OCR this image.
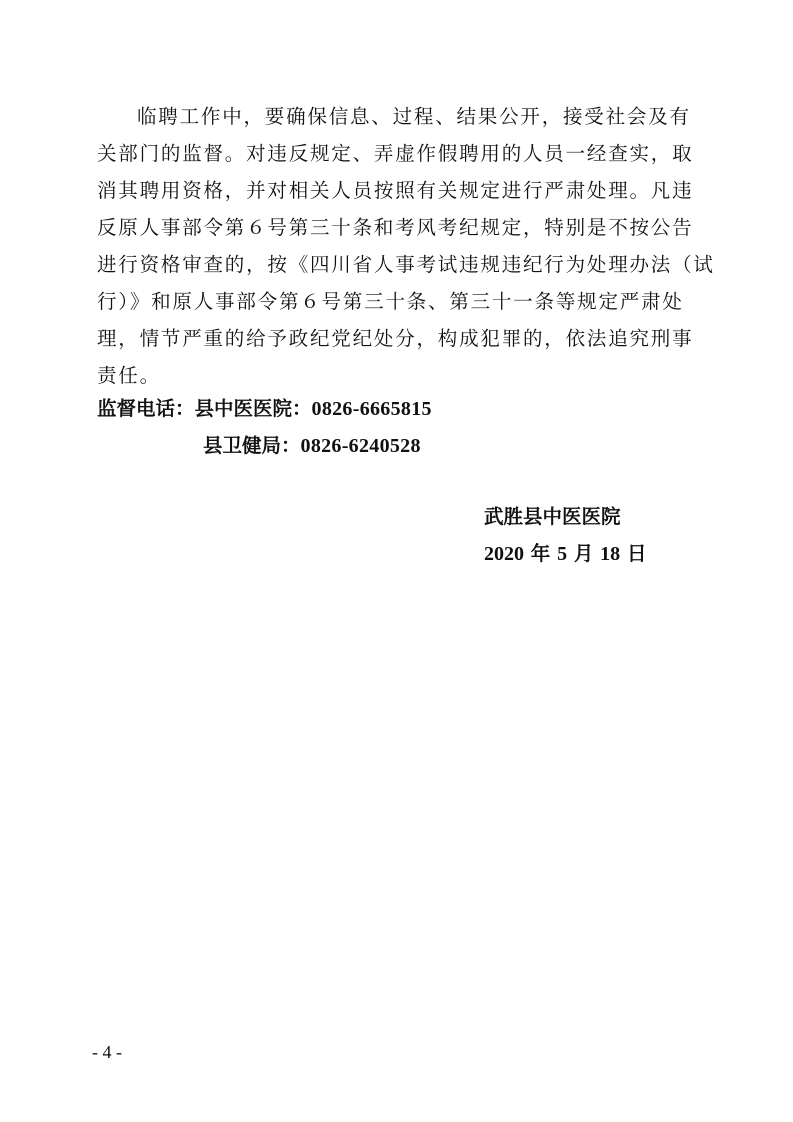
临聘工作中，要确保信息、过程、结果公开，接受社会及有
关部门的监督。对违反规定、弄虚作假聘用的人员一经查实，取
消其聘用资格，并对相关人员按照有关规定进行严肃处理。凡违
反原人事部令第６号第三十条和考风考纪规定，特别是不按公告
进行资格审查的，按《四川省人事考试违规违纪行为处理办法（试
行）》和原人事部令第６号第三十条、第三十一条等规定严肃处
理，情节严重的给予政纪党纪处分，构成犯罪的，依法追究刑事
责任。
监督电话：县中医医院：0826-6665815
县卫健局：0826-6240528
武胜县中医医院
2020 年 5 月 18 日
- 4 -
